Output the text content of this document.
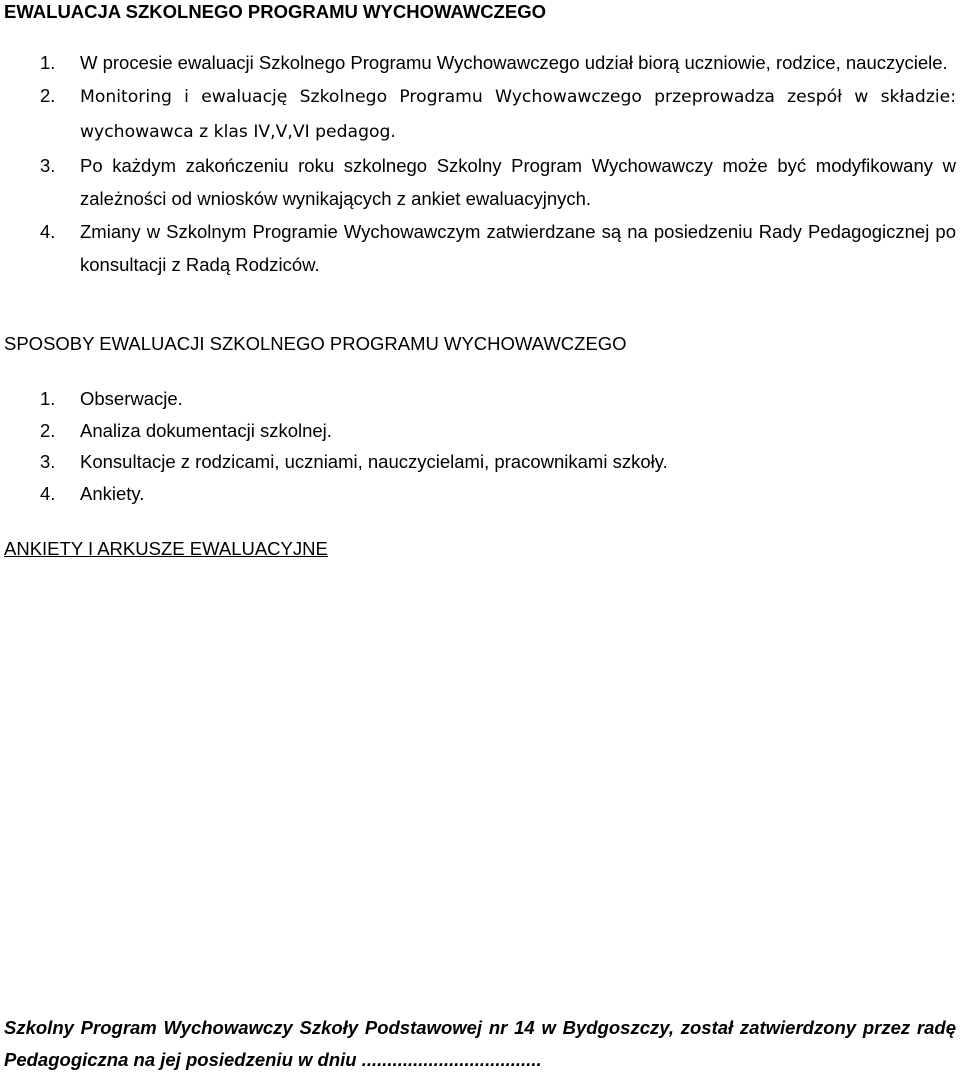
EWALUACJA SZKOLNEGO PROGRAMU WYCHOWAWCZEGO
1. W procesie ewaluacji Szkolnego Programu Wychowawczego udział biorą uczniowie, rodzice, nauczyciele.
2. Monitoring i ewaluację Szkolnego Programu Wychowawczego przeprowadza zespół w składzie: wychowawca z klas IV,V,VI pedagog.
3. Po każdym zakończeniu roku szkolnego Szkolny Program Wychowawczy może być modyfikowany w zależności od wniosków wynikających z ankiet ewaluacyjnych.
4. Zmiany w Szkolnym Programie Wychowawczym zatwierdzane są na posiedzeniu Rady Pedagogicznej po konsultacji z Radą Rodziców.
SPOSOBY EWALUACJI SZKOLNEGO PROGRAMU WYCHOWAWCZEGO
1. Obserwacje.
2. Analiza dokumentacji szkolnej.
3. Konsultacje z rodzicami, uczniami, nauczycielami, pracownikami szkoły.
4. Ankiety.
ANKIETY I ARKUSZE EWALUACYJNE

Szkolny Program Wychowawczy Szkoły Podstawowej nr 14 w Bydgoszczy, został zatwierdzony przez radę Pedagogiczna na jej posiedzeniu w dniu ...................................
